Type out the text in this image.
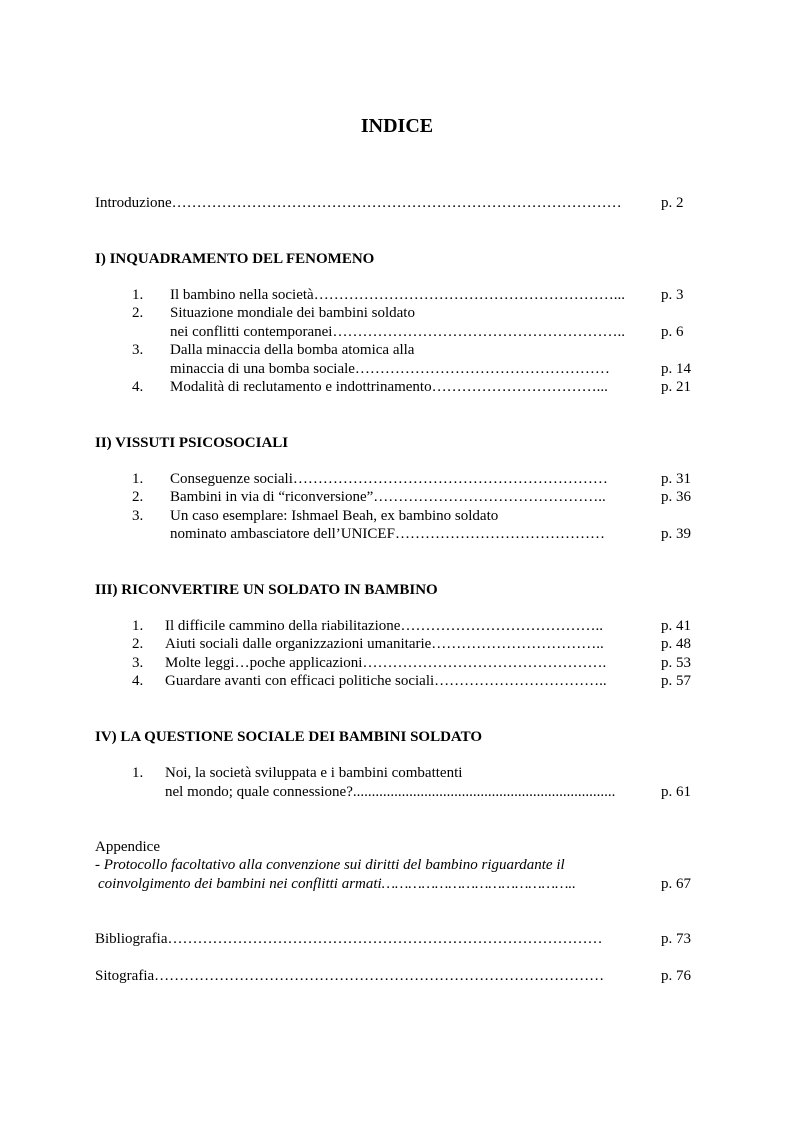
INDICE
Introduzione………………………………………………………………………………	p. 2
I) INQUADRAMENTO DEL FENOMENO
1. Il bambino nella società……………………………………………………... p. 3
2. Situazione mondiale dei bambini soldato
nei conflitti contemporanei………………………………………………….. p. 6
3. Dalla minaccia della bomba atomica alla
minaccia di una bomba sociale……………………………………………	p. 14
4. Modalità di reclutamento e indottrinamento……………………………...	p. 21
II) VISSUTI PSICOSOCIALI
1. Conseguenze sociali………………………………………………………	p. 31
2. Bambini in via di “riconversione”………………………………………..	p. 36
3. Un caso esemplare: Ishmael Beah, ex bambino soldato
nominato ambasciatore dell’UNICEF……………………………………	p. 39
III) RICONVERTIRE UN SOLDATO IN BAMBINO
1. Il difficile cammino della riabilitazione…………………………………..	p. 41
2. Aiuti sociali dalle organizzazioni umanitarie……………………………..	p. 48
3. Molte leggi…poche applicazioni………………………………………….	p. 53
4. Guardare avanti con efficaci politiche sociali……………………………..	p. 57
IV) LA QUESTIONE SOCIALE DEI BAMBINI SOLDATO
1. Noi, la società sviluppata e i bambini combattenti
nel mondo; quale connessione?......................................................................	p. 61
Appendice
- Protocollo facoltativo alla convenzione sui diritti del bambino riguardante il
coinvolgimento dei bambini nei conflitti armati……………………………………..	p. 67
Bibliografia……………………………………………………………………………	p. 73
Sitografia………………………………………………………………………………	p. 76
